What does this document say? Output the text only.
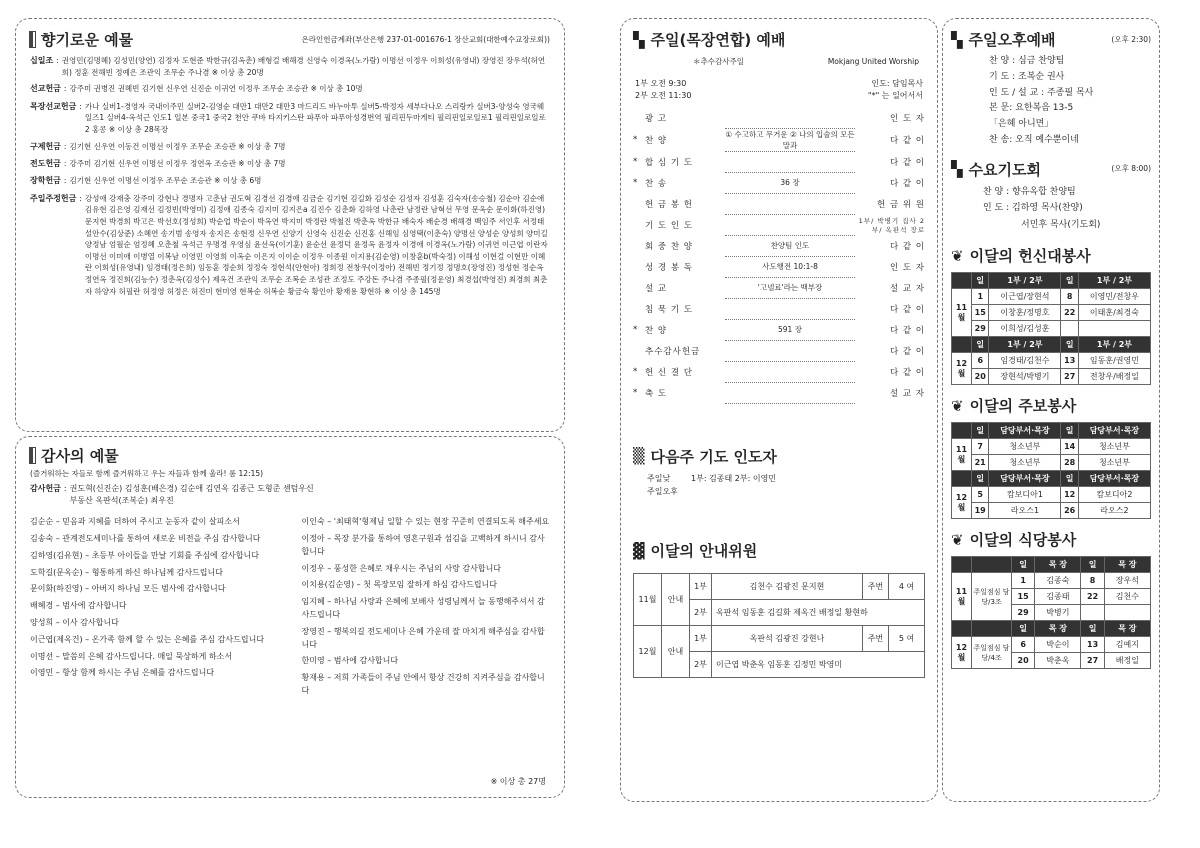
향기로운 예물	온라인헌금계좌(부산은행 237-01-001676-1 장산교회(대한예수교장로회))
십일조 : 권영민(김명혜) 김성민(양연) 김정자 도현준 박한규(김옥춘) 배형걸 배해경 신영숙 이경옥(노가람) 이명선 이정우 이희성(유영내) 장영진 장우석(허연희) 정훈 전해빈 정예은 조관익 조무순 주나겸 ※ 이상 총 20명
선교헌금 : 강주미 권병진 권혜빈 김기현 신우연 신진순 이귀연 이정우 조무순 조승관 ※ 이상 총 10명
목장선교헌금 : 가나 실버1-경영자 국내이주민 실버2-김영순 대만1 대만2 대만3 마드리드 바누아투 실버5-박정자 세부다나오 스리랑카 실버3-양성숙 영국웨일즈1 실버4-옥석근 인도1 일본 중국1 중국2 천안 쿠바 타지키스탄 파푸아 파푸아성경번역 필리핀두마게티 필리핀일로일로1 필리핀일로일로2 홍콩 ※ 이상 총 28목장
구제헌금 : 김기현 신우연 이동건 이명선 이정우 조무순 조승관 ※ 이상 총 7명
전도헌금 : 강주미 김기현 신우연 이명선 이정우 정연옥 조승관 ※ 이상 총 7명
장학헌금 : 김기현 신우연 이명선 이정우 조무순 조승관 ※ 이상 총 6명
주일주정헌금 : 강성애 강재충 강주미 강현나 경명자 고춘남 권도혁 김경선 김경애 김금순 김기현 김길화 김성순 김성자 김성훈 김숙자(송승철) 김순아 김순애 김유현 김은영 김재선 김정빈(박영미) 김정애 김종숙 김지미 김지은a 김진수 김춘화 김하영 나춘란 남정란 남혁선 무영 문옥순 문이화(하진영) 문지현 박경희 박고은 박선호(정성희) 박순업 박순이 박옥연 박지미 박정란 박철진 박춘옥 박한규 배숙자 배순경 배해경 백임주 서인후 서정태 설안수(김상준) 소혜연 송기범 송영자 송지은 송현정 신우연 신양기 신영숙 신진순 신진홍 신해임 심영택(이춘숙) 양명선 양성순 양성희 양미길 양정남 엄월순 엄정혜 오춘철 옥석근 우명경 우영심 윤선옥(이기훈) 윤순선 윤정덕 윤정옥 윤정자 이경애 이경옥(노가람) 이귀연 이근엽 이란자 이명선 이미애 이병열 이복남 이영민 이영희 이옥순 이은지 이이순 이정우 이종원 이지용(김순영) 이창훈b(박숙정) 이해성 이현걸 이현만 이혜란 이희성(유영내) 임경태(정은희) 임동훈 정순희 정정숙 정현석(안현아) 정희정 전창우(이정아) 전해빈 정기정 정명호(장영진) 정성현 정순옥 정연옥 정진희(김능수) 정춘옥(김성수) 제옥건 조관익 조무순 조복순 조성관 조정도 주강돈 주나겸 주종필(정운영) 최경섭(박영진) 최경희 최춘자 하양자 허필란 허정영 허정은 허진미 현미영 현복순 허복순 황금숙 황인아 황재용 황현하 ※ 이상 총 145명
감사의 예물
(즐거워하는 자들로 함께 즐거워하고 우는 자들과 함께 울라! 롬 12:15)
감사헌금 : 권도혁(신진순) 김성훈(배은경) 김순애 김연옥 김종근 도형준 센텀우신부동산 옥판석(조복순) 최우진
김순순 – 믿음과 지혜를 더하여 주시고 눈동자 같이 살피소서
김송숙 – 관계전도세미나를 통하여 새로운 비전을 주심 감사합니다
김하영(김유현) – 초등부 아이들을 만날 기회를 주심에 감사합니다
도학길(문옥순) – 형통하게 하신 하나님께 감사드립니다
문이화(하진영) – 아버지 하나님 모든 범사에 감사합니다
배혜경 – 범사에 감사합니다
양성희 – 이사 감사합니다
이근엽(제옥건) – 온가족 함께 할 수 있는 은혜를 주심 감사드립니다
이명선 – 말씀의 은혜 감사드립니다. 매일 묵상하게 하소서
이영민 – 항상 함께 하시는 주님 은혜를 감사드립니다
이인숙 – '최태혁'형제님 일할 수 있는 현장 꾸준히 연결되도록 해주세요
이정아 – 목장 분가를 통하여 영혼구원과 섬김을 고백하게 하시니 감사합니다
이정우 – 풍성한 은혜로 채우시는 주님의 사랑 감사합니다
이치용(김순영) – 첫 목장모임 잘하게 하심 감사드립니다
임지혜 – 하나님 사랑과 은혜에 보배사 성령님께서 늘 동행해주셔서 감사드립니다
장영진 – 행복의길 전도세미나 은혜 가운데 잘 마치게 해주심을 감사합니다
한미영 – 범사에 감사합니다
황재용 – 저희 가족들이 주님 안에서 항상 건강히 지켜주심을 감사합니다
※ 이상 총 27명
▚ 주일(목장연합) 예배
＊추수감사주일	Mokjang United Worship
1부 오전 9:30
2부 오전 11:30
인도: 담임목사
"*" 는 일어서서
	광 고		인 도 자
*	찬 양	① 수고하고 무거운 ② 나의 입술의 모든 말과	다 같 이
*	합 심 기 도		다 같 이
*	찬 송	36 장	다 같 이
	헌 금 봉 헌		헌 금 위 원
	기 도 인 도		1부/ 박병기 집사 2부/ 옥판석 장로
	회 중 찬 양	찬양팀 인도	다 같 이
	성 경 봉 독	사도행전 10:1-8	인 도 자
	설 교	'고넬료'라는 백부장	설 교 자
	침 묵 기 도		다 같 이
*	찬 양	591 장	다 같 이
	추수감사헌금		다 같 이
*	헌 신 결 단		다 같 이
*	축 도		설 교 자
▒ 다음주 기도 인도자
주일낮	1부: 김종태 2부: 이영민
주일오후
▓ 이달의 안내위원
11월	안내	1부	김천수 김광진 문지현	주번	4 여
		2부	옥판석 임동훈 김길화 제옥건 배정일 황현하		
12월	안내	1부	옥판석 김광진 강현나	주번	5 여
		2부	이근엽 박춘옥 임동훈 김정민 박영미		
▚ 주일오후예배	(오후 2:30)
찬 양 : 심금 찬양팀
기 도 : 조복순 권사
인 도 / 설 교 : 주종필 목사
본 문: 요한복음 13-5
「은혜 아니면」
찬 송: 오직 예수뿐이네
▚ 수요기도회	(오후 8:00)
찬 양 : 향유옥합 찬양팀
인 도 : 김하영 목사(찬양)
서민후 목사(기도회)
❦ 이달의 헌신대봉사
	일	1부 / 2부	일	1부 / 2부
11 월	1	이근엽/장현석	8	이영민/전창우
	15	이창훈/정명호	22	이태훈/최경숙
	29	이희성/김성훈		
	일	1부 / 2부	일	1부 / 2부
12 월	6	임경태/김천수	13	임동훈/권영민
	20	장현석/박병기	27	전창우/배정일
❦ 이달의 주보봉사
	일	담당부서·목장	일	담당부서·목장
11 월	7	청소년부	14	청소년부
	21	청소년부	28	청소년부
	일	담당부서·목장	일	담당부서·목장
12 월	5	캄보디아1	12	캄보디아2
	19	라오스1	26	라오스2
❦ 이달의 식당봉사
		일	목 장	일	목 장
11 월	주일점심 담당/3조	1	김종숙	8	장우석
		15	김종태	22	김천수
		29	박병기		
		일	목 장	일	목 장
12 월	주일점심 담당/4조	6	박순이	13	김예지
		20	박춘옥	27	배정일
